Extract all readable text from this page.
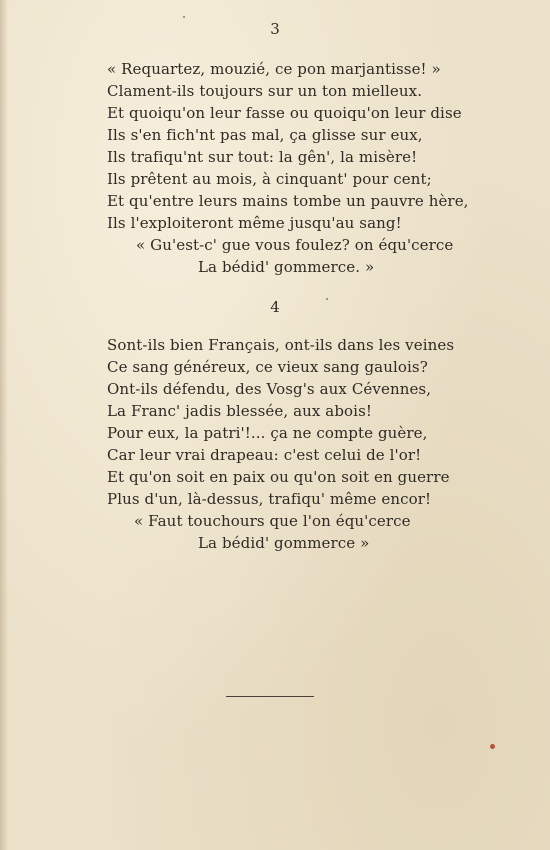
3
« Requartez, mouzié, ce pon marjantisse! »
Clament-ils toujours sur un ton mielleux.
Et quoiqu'on leur fasse ou quoiqu'on leur dise
Ils s'en fich'nt pas mal, ça glisse sur eux,
Ils trafiqu'nt sur tout: la gên', la misère!
Ils prêtent au mois, à cinquant' pour cent;
Et qu'entre leurs mains tombe un pauvre hère,
Ils l'exploiteront même jusqu'au sang!
« Gu'est-c' gue vous foulez? on équ'cerce
La bédid' gommerce. »
4
Sont-ils bien Français, ont-ils dans les veines
Ce sang généreux, ce vieux sang gaulois?
Ont-ils défendu, des Vosg's aux Cévennes,
La Franc' jadis blessée, aux abois!
Pour eux, la patri'!... ça ne compte guère,
Car leur vrai drapeau: c'est celui de l'or!
Et qu'on soit en paix ou qu'on soit en guerre
Plus d'un, là-dessus, trafiqu' même encor!
« Faut touchours que l'on équ'cerce
La bédid' gommerce »
